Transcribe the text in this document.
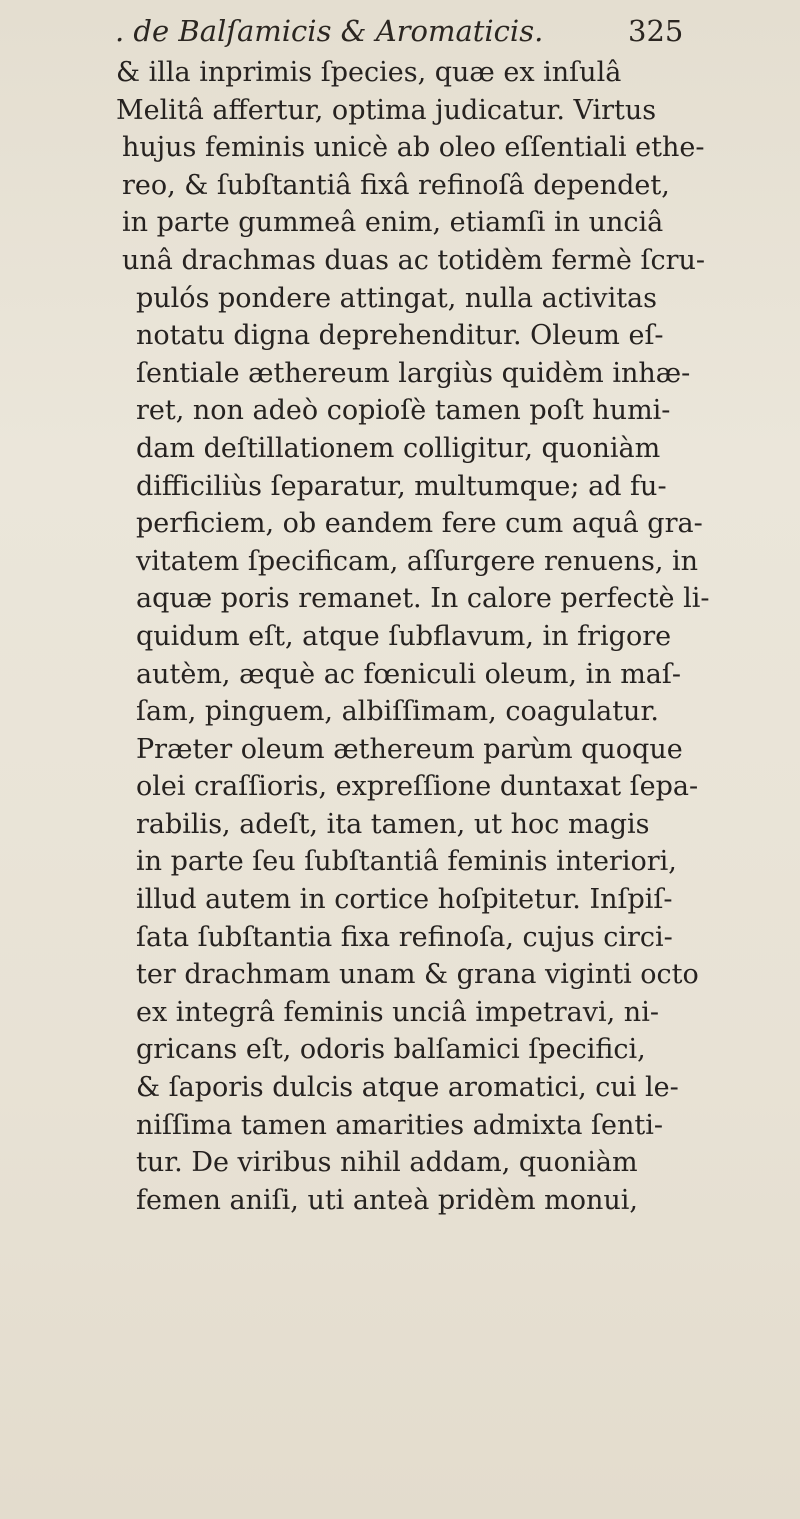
. de Balſamicis & Aromaticis.	325
& illa inprimis ſpecies, quæ ex inſulâ
Melitâ affertur, optima judicatur. Virtus
hujus feminis unicè ab oleo eſſentiali ethe-
reo, & ſubſtantiâ fixâ refinoſâ dependet,
in parte gummeâ enim, etiamſi in unciâ
unâ drachmas duas ac totidèm fermè ſcru-
pulós pondere attingat, nulla activitas
notatu digna deprehenditur. Oleum eſ-
ſentiale æthereum largiùs quidèm inhæ-
ret, non adeò copioſè tamen poſt humi-
dam deſtillationem colligitur, quoniàm
difficiliùs ſeparatur, multumque; ad fu-
perficiem, ob eandem fere cum aquâ gra-
vitatem ſpecificam, aſſurgere renuens, in
aquæ poris remanet. In calore perfectè li-
quidum eſt, atque ſubflavum, in frigore
autèm, æquè ac fœniculi oleum, in maſ-
ſam, pinguem, albiſſimam, coagulatur.
Præter oleum æthereum parùm quoque
olei craſſioris, expreſſione duntaxat ſepa-
rabilis, adeſt, ita tamen, ut hoc magis
in parte ſeu ſubſtantiâ feminis interiori,
illud autem in cortice hoſpitetur. Inſpiſ-
ſata ſubſtantia fixa refinoſa, cujus circi-
ter drachmam unam & grana viginti octo
ex integrâ feminis unciâ impetravi, ni-
gricans eſt, odoris balſamici ſpecifici,
& ſaporis dulcis atque aromatici, cui le-
niſſima tamen amarities admixta ſenti-
tur. De viribus nihil addam, quoniàm
femen aniſi, uti anteà pridèm monui,
